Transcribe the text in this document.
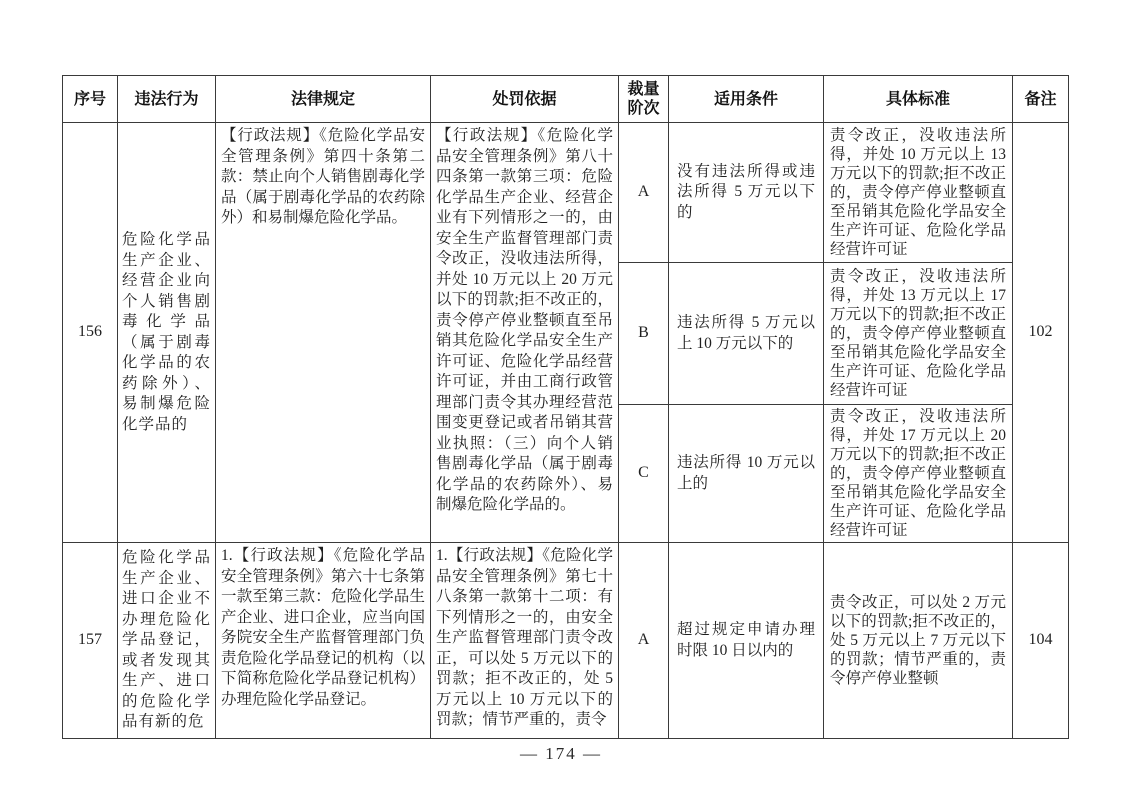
序号	违法行为	法律规定	处罚依据	裁量阶次	适用条件	具体标准	备注
156	危险化学品生产企业、经营企业向个人销售剧毒化学品（属于剧毒化学品的农药除外）、易制爆危险化学品的	【行政法规】《危险化学品安全管理条例》第四十条第二款：禁止向个人销售剧毒化学品（属于剧毒化学品的农药除外）和易制爆危险化学品。	【行政法规】《危险化学品安全管理条例》第八十四条第一款第三项：危险化学品生产企业、经营企业有下列情形之一的，由安全生产监督管理部门责令改正，没收违法所得，并处 10 万元以上 20 万元以下的罚款;拒不改正的，责令停产停业整顿直至吊销其危险化学品安全生产许可证、危险化学品经营许可证，并由工商行政管理部门责令其办理经营范围变更登记或者吊销其营业执照：（三）向个人销售剧毒化学品（属于剧毒化学品的农药除外）、易制爆危险化学品的。	A	没有违法所得或违法所得 5 万元以下的	责令改正，没收违法所得，并处 10 万元以上 13 万元以下的罚款;拒不改正的，责令停产停业整顿直至吊销其危险化学品安全生产许可证、危险化学品经营许可证	102
				B	违法所得 5 万元以上 10 万元以下的	责令改正，没收违法所得，并处 13 万元以上 17 万元以下的罚款;拒不改正的，责令停产停业整顿直至吊销其危险化学品安全生产许可证、危险化学品经营许可证	
				C	违法所得 10 万元以上的	责令改正，没收违法所得，并处 17 万元以上 20 万元以下的罚款;拒不改正的，责令停产停业整顿直至吊销其危险化学品安全生产许可证、危险化学品经营许可证	
157	危险化学品生产企业、进口企业不办理危险化学品登记，或者发现其生产、进口的危险化学品有新的危	1.【行政法规】《危险化学品安全管理条例》第六十七条第一款至第三款：危险化学品生产企业、进口企业，应当向国务院安全生产监督管理部门负责危险化学品登记的机构（以下简称危险化学品登记机构）办理危险化学品登记。	1.【行政法规】《危险化学品安全管理条例》第七十八条第一款第十二项：有下列情形之一的，由安全生产监督管理部门责令改正，可以处 5 万元以下的罚款；拒不改正的，处 5 万元以上 10 万元以下的罚款；情节严重的，责令	A	超过规定申请办理时限 10 日以内的	责令改正，可以处 2 万元以下的罚款;拒不改正的，处 5 万元以上 7 万元以下的罚款；情节严重的，责令停产停业整顿	104
— 174 —
